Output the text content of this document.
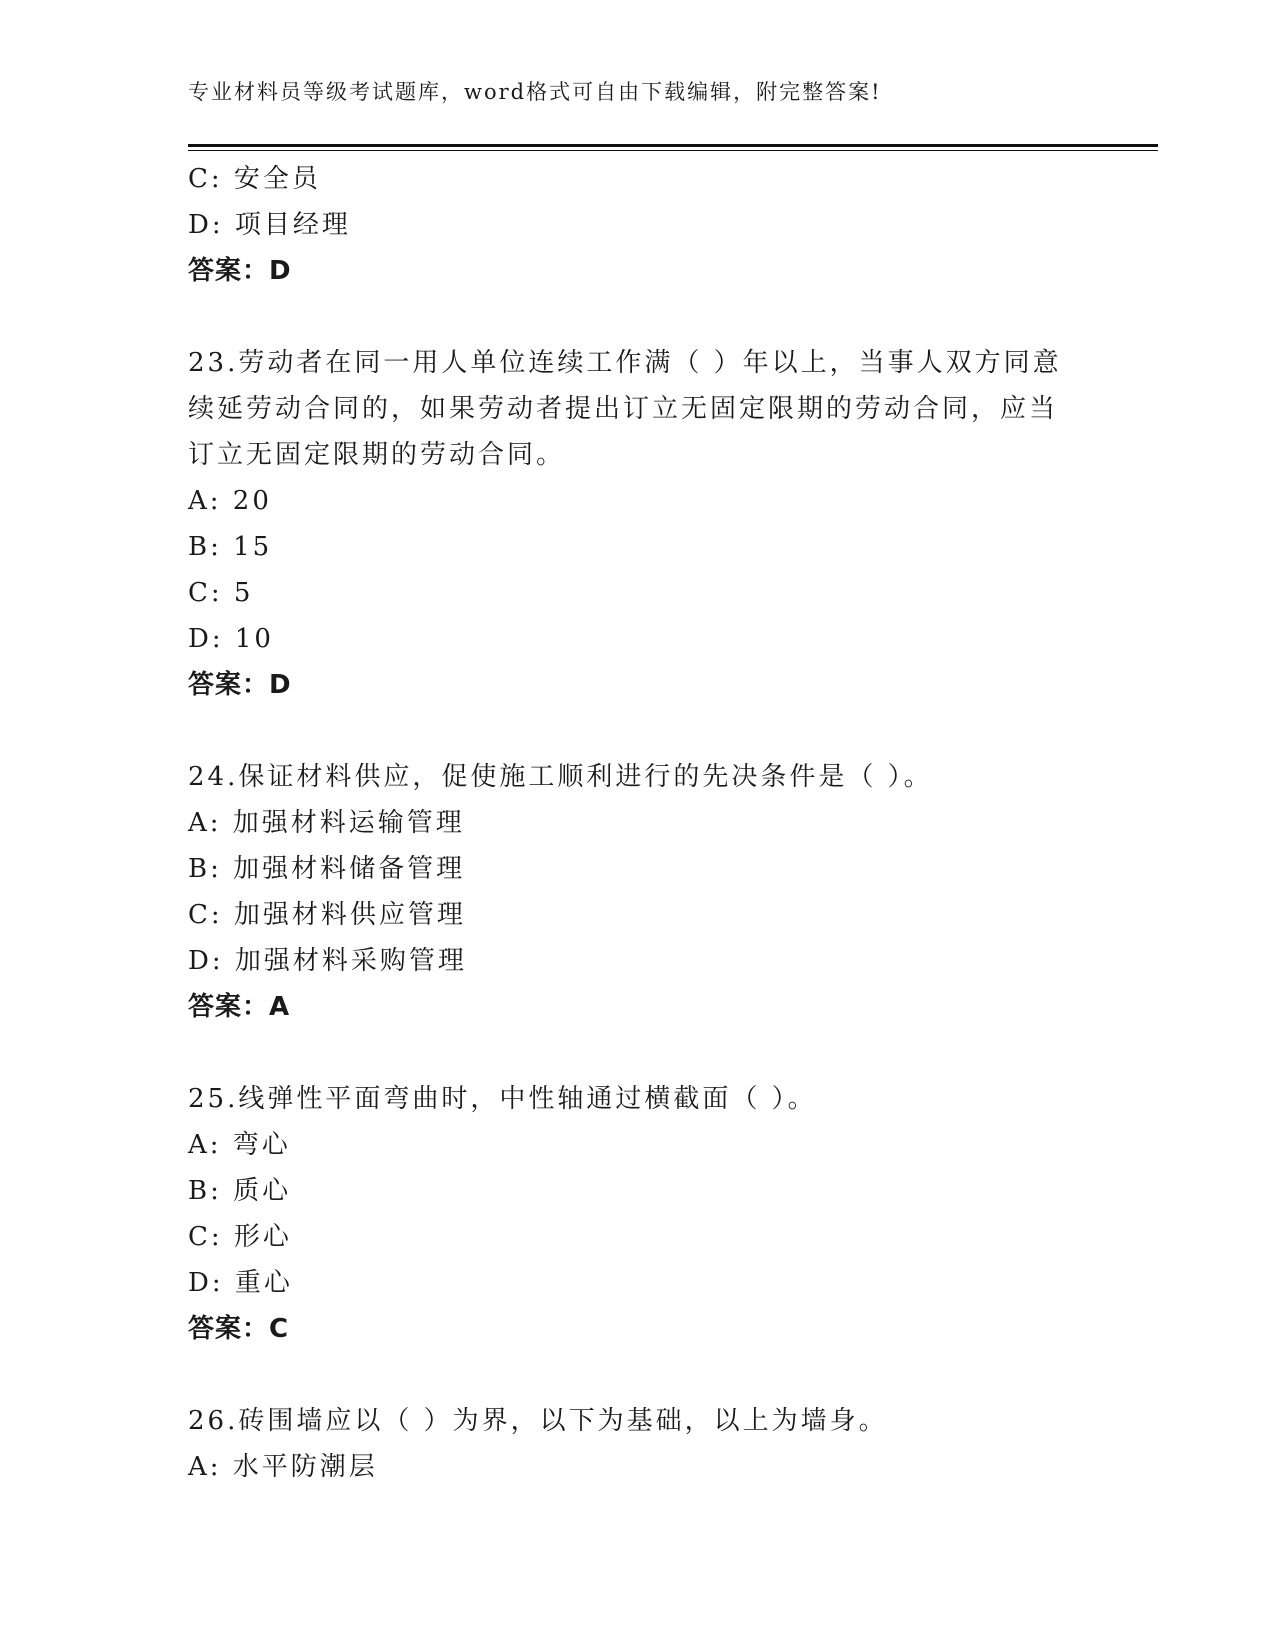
专业材料员等级考试题库，word格式可自由下载编辑，附完整答案!
C: 安全员
D: 项目经理
答案：D
23.劳动者在同一用人单位连续工作满（ ）年以上，当事人双方同意
续延劳动合同的，如果劳动者提出订立无固定限期的劳动合同，应当
订立无固定限期的劳动合同。
A: 20
B: 15
C: 5
D: 10
答案：D
24.保证材料供应，促使施工顺利进行的先决条件是（ ）。
A: 加强材料运输管理
B: 加强材料储备管理
C: 加强材料供应管理
D: 加强材料采购管理
答案：A
25.线弹性平面弯曲时，中性轴通过横截面（ ）。
A: 弯心
B: 质心
C: 形心
D: 重心
答案：C
26.砖围墙应以（ ）为界，以下为基础，以上为墙身。
A: 水平防潮层
